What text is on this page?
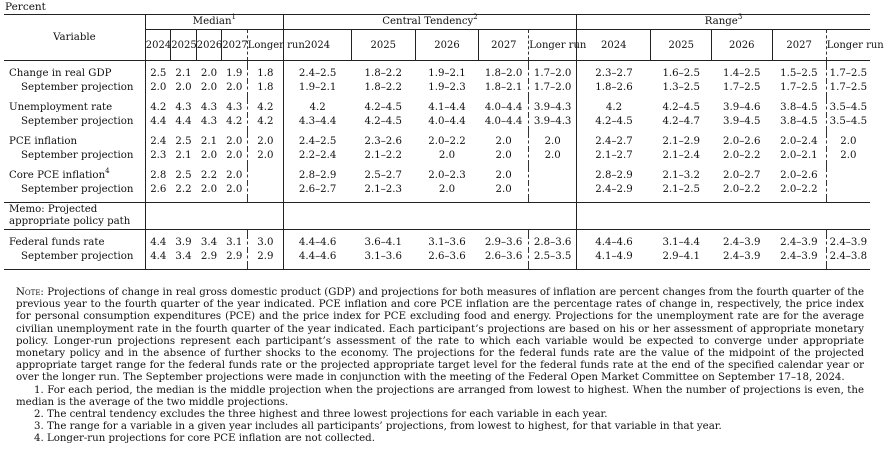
Percent
Variable	Median$^1$					Central Tendency$^2$					Range$^3$
	2024	2025	2026	2027	Longer run	2024	2025	2026	2027	Longer run	2024	2025	2026	2027	Longer run

Change in real GDP	2.5	2.1	2.0	1.9	1.8	2.4–2.5	1.8–2.2	1.9–2.1	1.8–2.0	1.7–2.0	2.3–2.7	1.6–2.5	1.4–2.5	1.5–2.5	1.7–2.5
September projection	2.0	2.0	2.0	2.0	1.8	1.9–2.1	1.8–2.2	1.9–2.3	1.8–2.1	1.7–2.0	1.8–2.6	1.3–2.5	1.7–2.5	1.7–2.5	1.7–2.5

Unemployment rate	4.2	4.3	4.3	4.3	4.2	4.2	4.2–4.5	4.1–4.4	4.0–4.4	3.9–4.3	4.2	4.2–4.5	3.9–4.6	3.8–4.5	3.5–4.5
September projection	4.4	4.4	4.3	4.2	4.2	4.3–4.4	4.2–4.5	4.0–4.4	4.0–4.4	3.9–4.3	4.2–4.5	4.2–4.7	3.9–4.5	3.8–4.5	3.5–4.5

PCE inflation	2.4	2.5	2.1	2.0	2.0	2.4–2.5	2.3–2.6	2.0–2.2	2.0	2.0	2.4–2.7	2.1–2.9	2.0–2.6	2.0–2.4	2.0
September projection	2.3	2.1	2.0	2.0	2.0	2.2–2.4	2.1–2.2	2.0	2.0	2.0	2.1–2.7	2.1–2.4	2.0–2.2	2.0–2.1	2.0

Core PCE inflation$^4$	2.8	2.5	2.2	2.0		2.8–2.9	2.5–2.7	2.0–2.3	2.0		2.8–2.9	2.1–3.2	2.0–2.7	2.0–2.6	
September projection	2.6	2.2	2.0	2.0		2.6–2.7	2.1–2.3	2.0	2.0		2.4–2.9	2.1–2.5	2.0–2.2	2.0–2.2	

Memo: Projected appropriate policy path															

Federal funds rate	4.4	3.9	3.4	3.1	3.0	4.4–4.6	3.6–4.1	3.1–3.6	2.9–3.6	2.8–3.6	4.4–4.6	3.1–4.4	2.4–3.9	2.4–3.9	2.4–3.9
September projection	4.4	3.4	2.9	2.9	2.9	4.4–4.6	3.1–3.6	2.6–3.6	2.6–3.6	2.5–3.5	4.1–4.9	2.9–4.1	2.4–3.9	2.4–3.9	2.4–3.8

Note: Projections of change in real gross domestic product (GDP) and projections for both measures of inflation are percent changes from the fourth quarter of the previous year to the fourth quarter of the year indicated. PCE inflation and core PCE inflation are the percentage rates of change in, respectively, the price index for personal consumption expenditures (PCE) and the price index for PCE excluding food and energy. Projections for the unemployment rate are for the average civilian unemployment rate in the fourth quarter of the year indicated. Each participant’s projections are based on his or her assessment of appropriate monetary policy. Longer-run projections represent each participant’s assessment of the rate to which each variable would be expected to converge under appropriate monetary policy and in the absence of further shocks to the economy. The projections for the federal funds rate are the value of the midpoint of the projected appropriate target range for the federal funds rate or the projected appropriate target level for the federal funds rate at the end of the specified calendar year or over the longer run. The September projections were made in conjunction with the meeting of the Federal Open Market Committee on September 17–18, 2024.

1. For each period, the median is the middle projection when the projections are arranged from lowest to highest. When the number of projections is even, the median is the average of the two middle projections.

2. The central tendency excludes the three highest and three lowest projections for each variable in each year.

3. The range for a variable in a given year includes all participants’ projections, from lowest to highest, for that variable in that year.

4. Longer-run projections for core PCE inflation are not collected.
